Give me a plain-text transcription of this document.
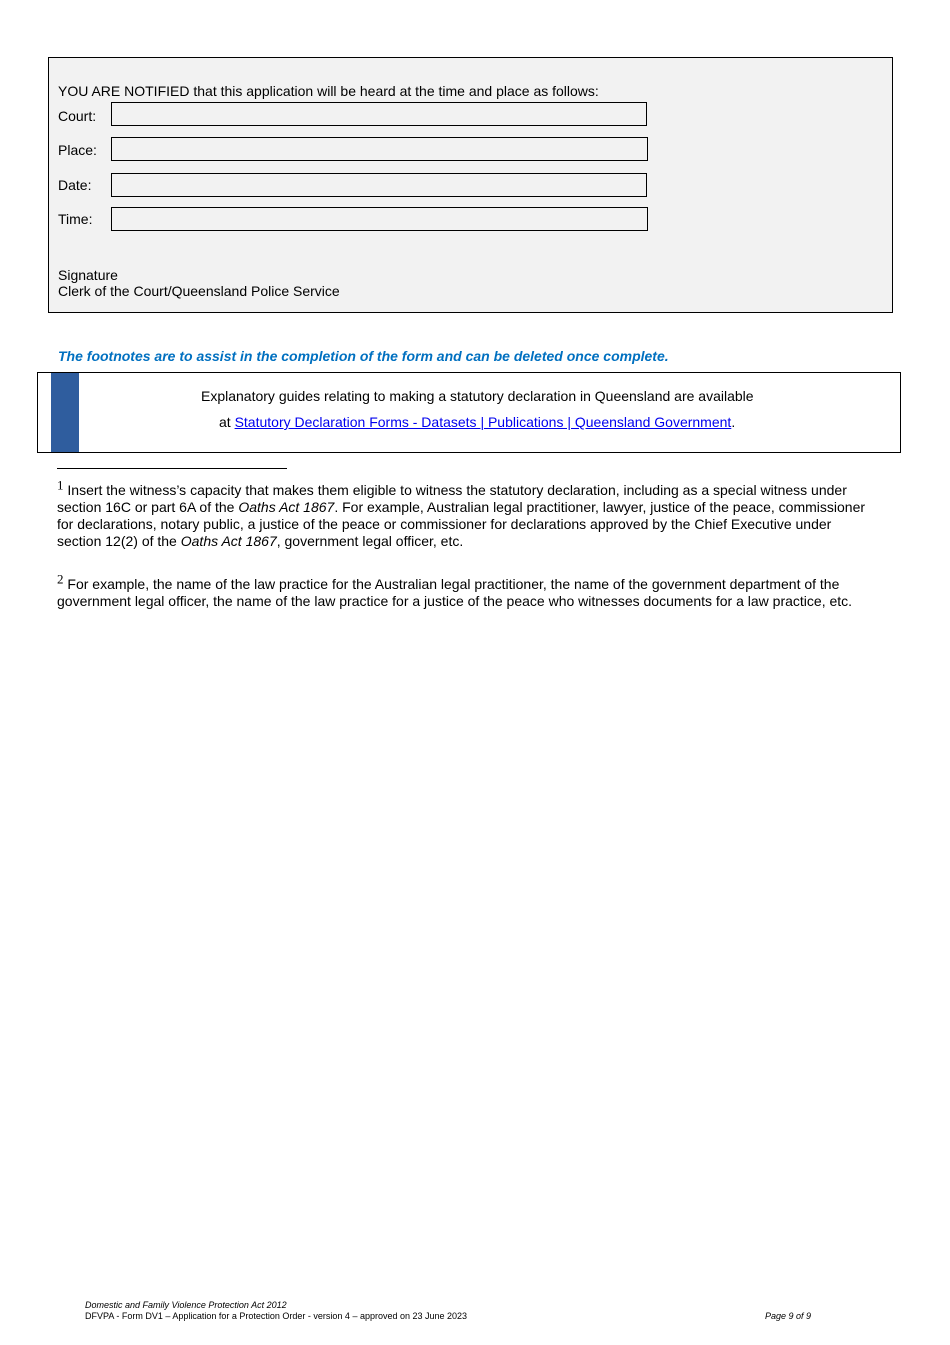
YOU ARE NOTIFIED that this application will be heard at the time and place as follows:
Court:
Place:
Date:
Time:
Signature
Clerk of the Court/Queensland Police Service
The footnotes are to assist in the completion of the form and can be deleted once complete.
Explanatory guides relating to making a statutory declaration in Queensland are available
at Statutory Declaration Forms - Datasets | Publications | Queensland Government.
1 Insert the witness’s capacity that makes them eligible to witness the statutory declaration, including as a special witness under section 16C or part 6A of the Oaths Act 1867. For example, Australian legal practitioner, lawyer, justice of the peace, commissioner for declarations, notary public, a justice of the peace or commissioner for declarations approved by the Chief Executive under section 12(2) of the Oaths Act 1867, government legal officer, etc.
2 For example, the name of the law practice for the Australian legal practitioner, the name of the government department of the government legal officer, the name of the law practice for a justice of the peace who witnesses documents for a law practice, etc.
Domestic and Family Violence Protection Act 2012
DFVPA - Form DV1 – Application for a Protection Order - version 4 – approved on 23 June 2023	Page 9 of 9
